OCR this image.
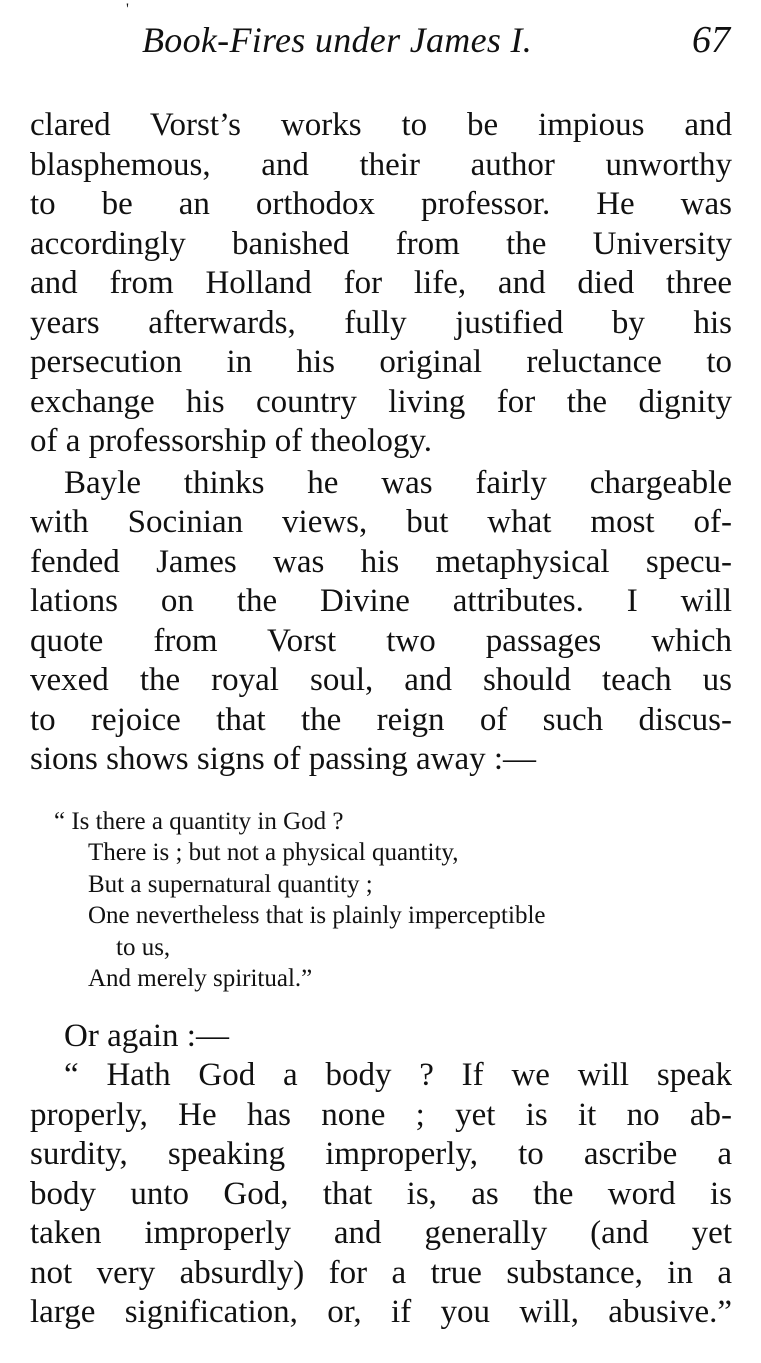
'
Book-Fires under James I.	67

clared Vorst’s works to be impious and
blasphemous, and their author unworthy
to be an orthodox professor. He was
accordingly banished from the University
and from Holland for life, and died three
years afterwards, fully justified by his
persecution in his original reluctance to
exchange his country living for the dignity
of a professorship of theology.

Bayle thinks he was fairly chargeable
with Socinian views, but what most of-
fended James was his metaphysical specu-
lations on the Divine attributes. I will
quote from Vorst two passages which
vexed the royal soul, and should teach us
to rejoice that the reign of such discus-
sions shows signs of passing away :—

“ Is there a quantity in God ?
There is ; but not a physical quantity,
But a supernatural quantity ;
One nevertheless that is plainly imperceptible
to us,
And merely spiritual.”

Or again :—
“ Hath God a body ? If we will speak
properly, He has none ; yet is it no ab-
surdity, speaking improperly, to ascribe a
body unto God, that is, as the word is
taken improperly and generally (and yet
not very absurdly) for a true substance, in a
large signification, or, if you will, abusive.”
